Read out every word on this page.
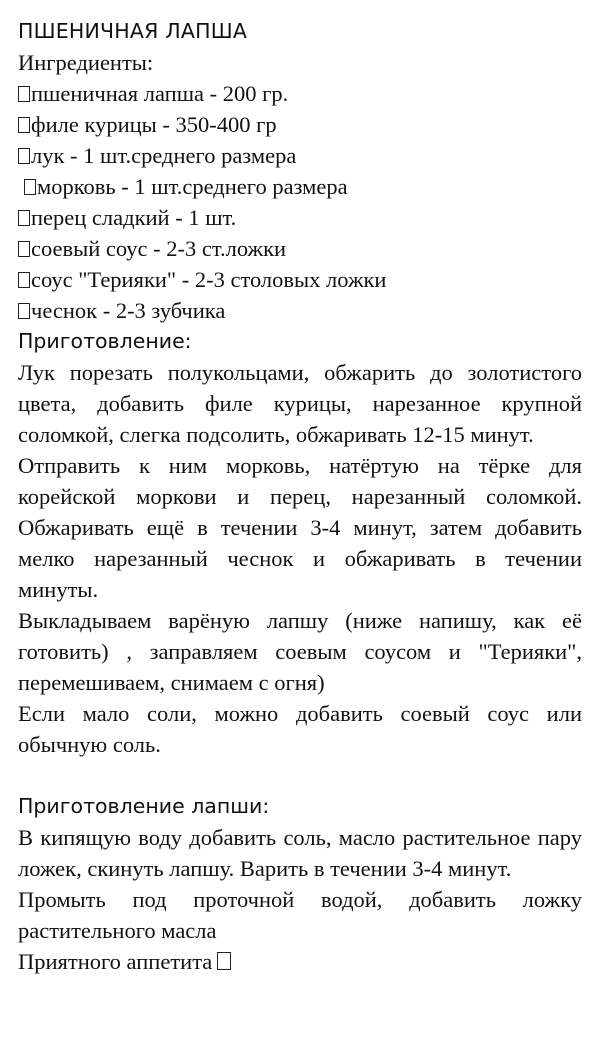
ПШЕНИЧНАЯ ЛАПША

Ингредиенты:

пшеничная лапша - 200 гр.
филе курицы - 350-400 гр
лук - 1 шт.среднего размера
морковь - 1 шт.среднего размера
перец сладкий - 1 шт.
соевый соус - 2-3 ст.ложки
соус "Терияки" - 2-3 столовых ложки
чеснок - 2-3 зубчика

Приготовление:

Лук порезать полукольцами, обжарить до золотистого цвета, добавить филе курицы, нарезанное крупной соломкой, слегка подсолить, обжаривать 12-15 минут.

Отправить к ним морковь, натёртую на тёрке для корейской моркови и перец, нарезанный соломкой. Обжаривать ещё в течении 3-4 минут, затем добавить мелко нарезанный чеснок и обжаривать в течении минуты.

Выкладываем варёную лапшу (ниже напишу, как её готовить) , заправляем соевым соусом и "Терияки", перемешиваем, снимаем с огня)

Если мало соли, можно добавить соевый соус или обычную соль.

Приготовление лапши:

В кипящую воду добавить соль, масло растительное пару ложек, скинуть лапшу. Варить в течении 3-4 минут.

Промыть под проточной водой, добавить ложку растительного масла

Приятного аппетита
